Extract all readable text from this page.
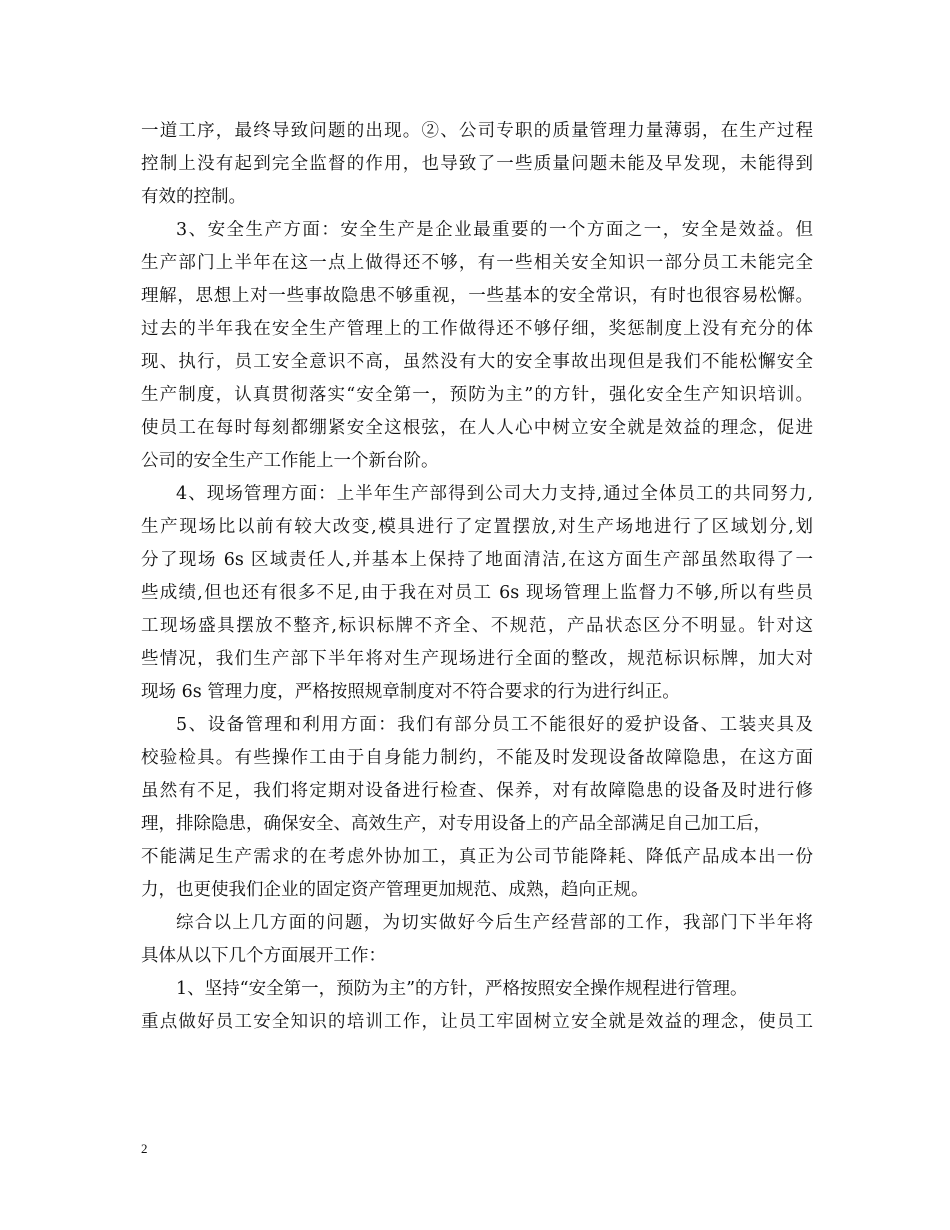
一道工序，最终导致问题的出现。②、公司专职的质量管理力量薄弱，在生产过程
控制上没有起到完全监督的作用，也导致了一些质量问题未能及早发现，未能得到
有效的控制。
3、安全生产方面：安全生产是企业最重要的一个方面之一，安全是效益。但
生产部门上半年在这一点上做得还不够，有一些相关安全知识一部分员工未能完全
理解，思想上对一些事故隐患不够重视，一些基本的安全常识，有时也很容易松懈。
过去的半年我在安全生产管理上的工作做得还不够仔细，奖惩制度上没有充分的体
现、执行，员工安全意识不高，虽然没有大的安全事故出现但是我们不能松懈安全
生产制度，认真贯彻落实“安全第一，预防为主”的方针，强化安全生产知识培训。
使员工在每时每刻都绷紧安全这根弦，在人人心中树立安全就是效益的理念，促进
公司的安全生产工作能上一个新台阶。
4、现场管理方面：上半年生产部得到公司大力支持,通过全体员工的共同努力,
生产现场比以前有较大改变,模具进行了定置摆放,对生产场地进行了区域划分,划
分了现场 6s 区域责任人,并基本上保持了地面清洁,在这方面生产部虽然取得了一
些成绩,但也还有很多不足,由于我在对员工 6s 现场管理上监督力不够,所以有些员
工现场盛具摆放不整齐,标识标牌不齐全、不规范，产品状态区分不明显。针对这
些情况，我们生产部下半年将对生产现场进行全面的整改，规范标识标牌，加大对
现场 6s 管理力度，严格按照规章制度对不符合要求的行为进行纠正。
5、设备管理和利用方面：我们有部分员工不能很好的爱护设备、工装夹具及
校验检具。有些操作工由于自身能力制约，不能及时发现设备故障隐患，在这方面
虽然有不足，我们将定期对设备进行检查、保养，对有故障隐患的设备及时进行修
理，排除隐患，确保安全、高效生产，对专用设备上的产品全部满足自己加工后，
不能满足生产需求的在考虑外协加工，真正为公司节能降耗、降低产品成本出一份
力，也更使我们企业的固定资产管理更加规范、成熟，趋向正规。
综合以上几方面的问题，为切实做好今后生产经营部的工作，我部门下半年将
具体从以下几个方面展开工作：
1、坚持“安全第一，预防为主”的方针，严格按照安全操作规程进行管理。
重点做好员工安全知识的培训工作，让员工牢固树立安全就是效益的理念，使员工
2
